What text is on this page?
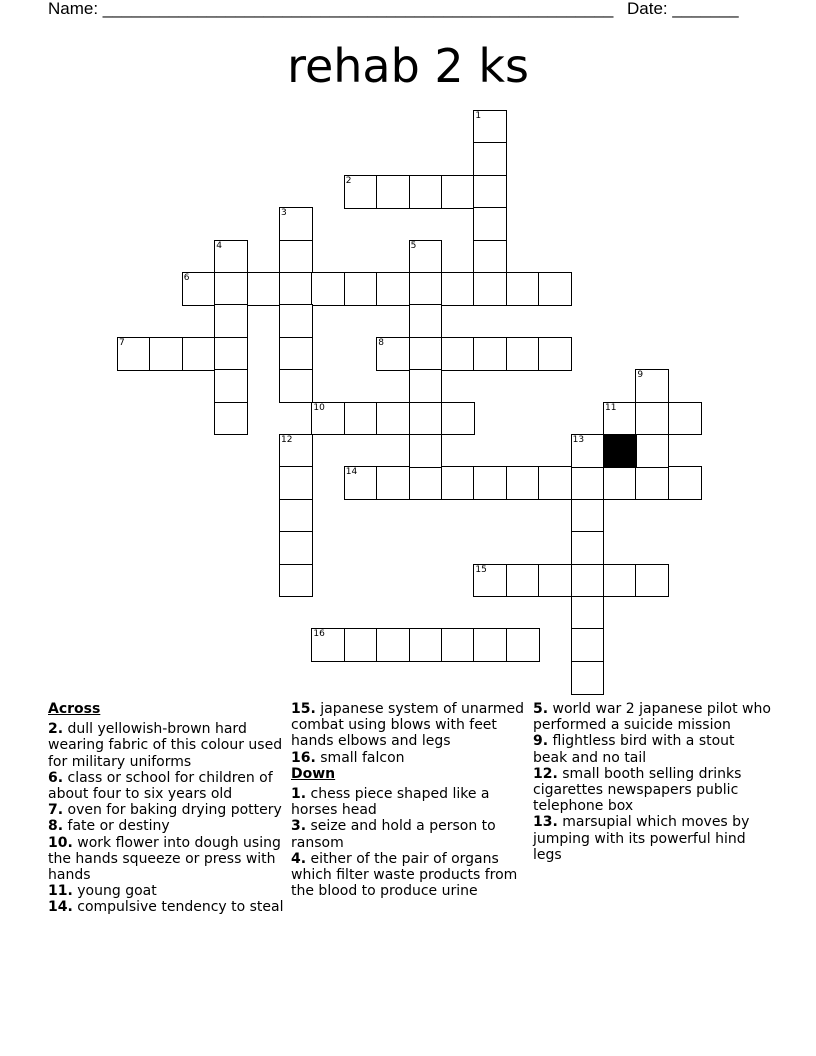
Name: ______________________________________________________ Date: _______
rehab 2 ks
2
6
7	8
10	11
14
15
16
1
3
4	5
9
12	13
Across
2. dull yellowish-brown hard wearing fabric of this colour used for military uniforms
6. class or school for children of about four to six years old
7. oven for baking drying pottery
8. fate or destiny
10. work flower into dough using the hands squeeze or press with hands
11. young goat
14. compulsive tendency to steal
15. japanese system of unarmed combat using blows with feet hands elbows and legs
16. small falcon
Down
1. chess piece shaped like a horses head
3. seize and hold a person to ransom
4. either of the pair of organs which filter waste products from the blood to produce urine
5. world war 2 japanese pilot who performed a suicide mission
9. flightless bird with a stout beak and no tail
12. small booth selling drinks cigarettes newspapers public telephone box
13. marsupial which moves by jumping with its powerful hind legs
